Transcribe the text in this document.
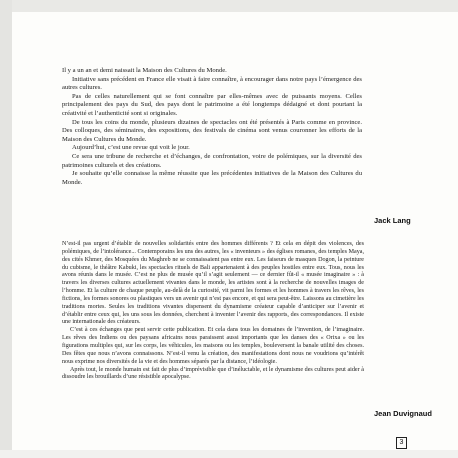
Il y a un an et demi naissait la Maison des Cultures du Monde.

Initiative sans précédent en France elle visait à faire connaître, à encourager dans notre pays l’émergence des autres cultures.

Pas de celles naturellement qui se font connaître par elles-mêmes avec de puissants moyens. Celles principalement des pays du Sud, des pays dont le patrimoine a été longtemps dédaigné et dont pourtant la créativité et l’authenticité sont si originales.

De tous les coins du monde, plusieurs dizaines de spectacles ont été présentés à Paris comme en province. Des colloques, des séminaires, des expositions, des festivals de cinéma sont venus couronner les efforts de la Maison des Cultures du Monde.

Aujourd’hui, c’est une revue qui voit le jour.

Ce sera une tribune de recherche et d’échanges, de confrontation, voire de polémiques, sur la diversité des patrimoines culturels et des créations.

Je souhaite qu’elle connaisse la même réussite que les précédentes initiatives de la Maison des Cultures du Monde.

Jack Lang

N’est-il pas urgent d’établir de nouvelles solidarités entre des hommes différents ? Et cela en dépit des violences, des polémiques, de l’intolérance... Contemporains les uns des autres, les « inventeurs » des églises romanes, des temples Maya, des cités Khmer, des Mosquées du Maghreb ne se connaissaient pas entre eux. Les faiseurs de masques Dogon, la peinture du cubisme, le théâtre Kabuki, les spectacles rituels de Bali appartenaient à des peuples hostiles entre eux. Tous, nous les avons réunis dans le musée. C’est ne plus de musée qu’il s’agit seulement — ce dernier fût-il « musée imaginaire » : à travers les diverses cultures actuellement vivantes dans le monde, les artistes sont à la recherche de nouvelles images de l’homme. Et la culture de chaque peuple, au-delà de la curiosité, vit parmi les formes et les hommes à travers les rêves, les fictions, les formes sonores ou plastiques vers un avenir qui n’est pas encore, et qui sera peut-être. Laissons au cimetière les traditions mortes. Seules les traditions vivantes dispensent du dynamisme créateur capable d’anticiper sur l’avenir et d’établir entre ceux qui, les uns sous les données, cherchent à inventer l’avenir des rapports, des correspondances. Il existe une internationale des créateurs.

C’est à ces échanges que peut servir cette publication. Et cela dans tous les domaines de l’invention, de l’imaginaire. Les rêves des Indiens ou des paysans africains nous paraissent aussi importants que les danses des « Orixa » ou les figurations multiples qui, sur les corps, les véhicules, les maisons ou les temples, bouleversent la banale utilité des choses. Des fêtes que nous n’avons connaissons. N’est-il venu la création, des manifestations dont nous ne voudrions qu’intérêt nous exprime nos diversités de la vie et des hommes séparés par la distance, l’idéologie.

Après tout, le monde humain est fait de plus d’imprévisible que d’inéluctable, et le dynamisme des cultures peut aider à dissoudre les brouillards d’une résistible apocalypse.

Jean Duvignaud
3
